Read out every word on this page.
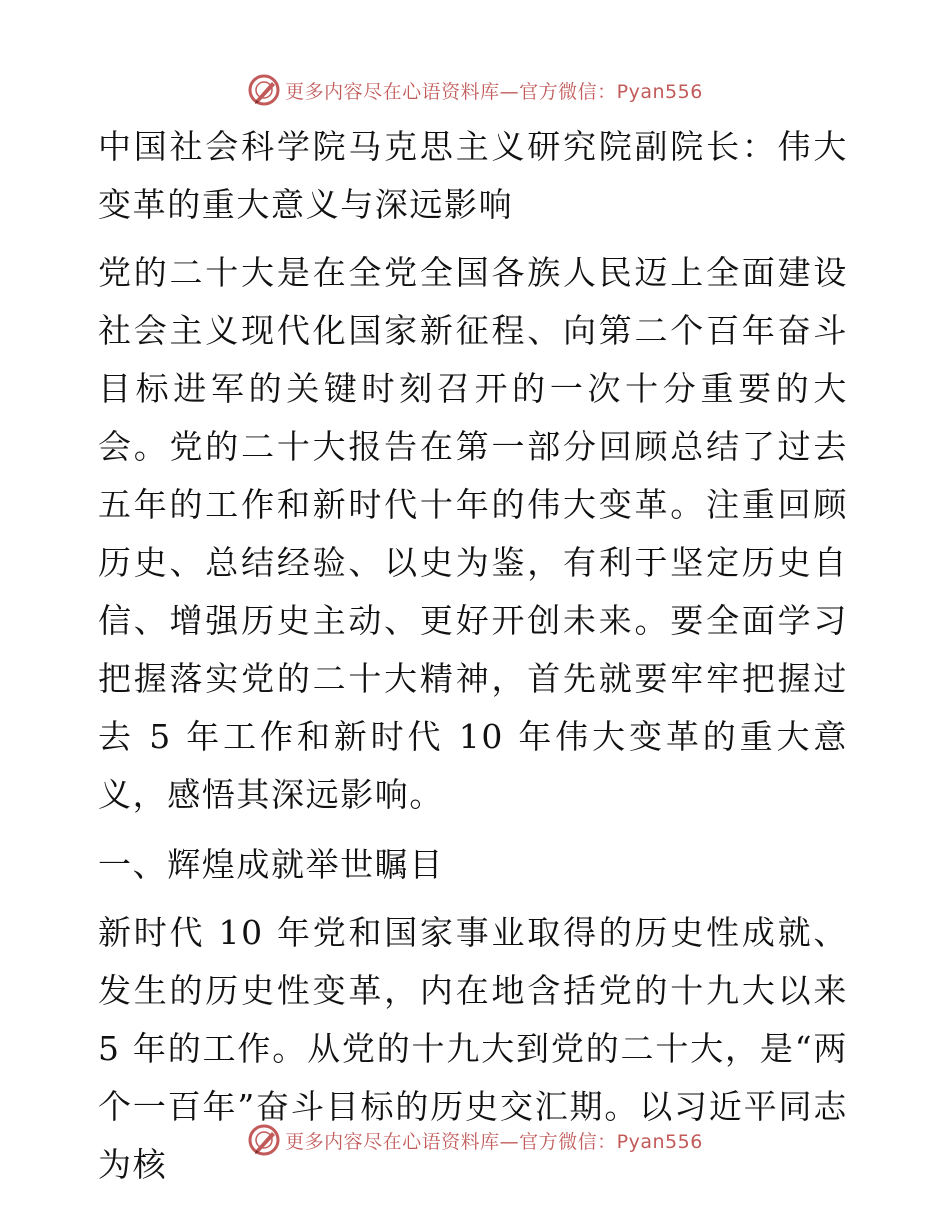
更多内容尽在心语资料库—官方微信：Pyan556

中国社会科学院马克思主义研究院副院长：伟大变革的重大意义与深远影响

党的二十大是在全党全国各族人民迈上全面建设社会主义现代化国家新征程、向第二个百年奋斗目标进军的关键时刻召开的一次十分重要的大会。党的二十大报告在第一部分回顾总结了过去五年的工作和新时代十年的伟大变革。注重回顾历史、总结经验、以史为鉴，有利于坚定历史自信、增强历史主动、更好开创未来。要全面学习把握落实党的二十大精神，首先就要牢牢把握过去 5 年工作和新时代 10 年伟大变革的重大意义，感悟其深远影响。

一、辉煌成就举世瞩目

新时代 10 年党和国家事业取得的历史性成就、发生的历史性变革，内在地含括党的十九大以来 5 年的工作。从党的十九大到党的二十大，是“两个一百年”奋斗目标的历史交汇期。以习近平同志为核

更多内容尽在心语资料库—官方微信：Pyan556
